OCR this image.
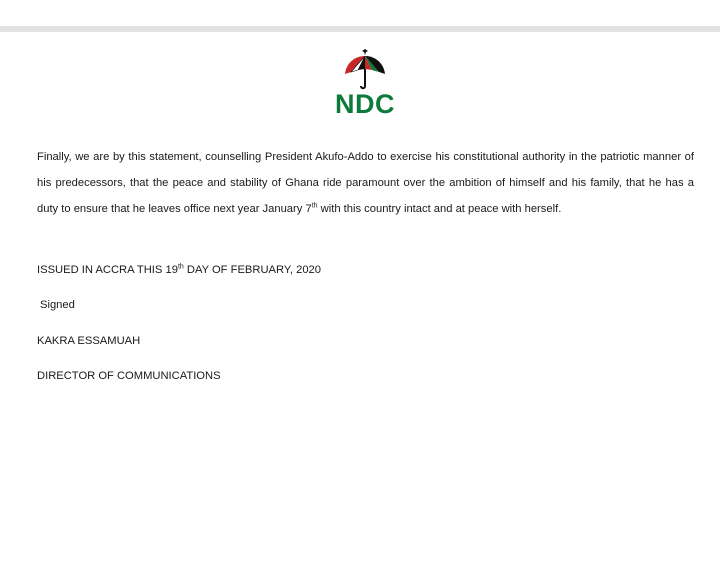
NDC
Finally, we are by this statement, counselling President Akufo-Addo to exercise his constitutional authority in the patriotic manner of his predecessors, that the peace and stability of Ghana ride paramount over the ambition of himself and his family, that he has a duty to ensure that he leaves office next year January 7th with this country intact and at peace with herself.
ISSUED IN ACCRA THIS 19th DAY OF FEBRUARY, 2020
Signed
KAKRA ESSAMUAH
DIRECTOR OF COMMUNICATIONS
